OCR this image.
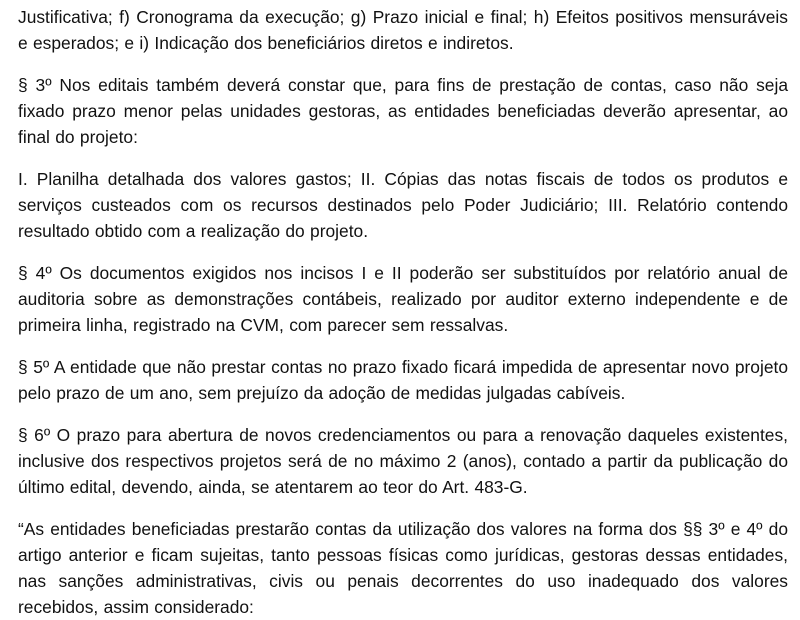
Justificativa; f) Cronograma da execução; g) Prazo inicial e final; h) Efeitos positivos mensuráveis e esperados; e i) Indicação dos beneficiários diretos e indiretos.

§ 3º Nos editais também deverá constar que, para fins de prestação de contas, caso não seja fixado prazo menor pelas unidades gestoras, as entidades beneficiadas deverão apresentar, ao final do projeto:

I. Planilha detalhada dos valores gastos; II. Cópias das notas fiscais de todos os produtos e serviços custeados com os recursos destinados pelo Poder Judiciário; III. Relatório contendo resultado obtido com a realização do projeto.

§ 4º Os documentos exigidos nos incisos I e II poderão ser substituídos por relatório anual de auditoria sobre as demonstrações contábeis, realizado por auditor externo independente e de primeira linha, registrado na CVM, com parecer sem ressalvas.

§ 5º A entidade que não prestar contas no prazo fixado ficará impedida de apresentar novo projeto pelo prazo de um ano, sem prejuízo da adoção de medidas julgadas cabíveis.

§ 6º O prazo para abertura de novos credenciamentos ou para a renovação daqueles existentes, inclusive dos respectivos projetos será de no máximo 2 (anos), contado a partir da publicação do último edital, devendo, ainda, se atentarem ao teor do Art. 483-G.

“As entidades beneficiadas prestarão contas da utilização dos valores na forma dos §§ 3º e 4º do artigo anterior e ficam sujeitas, tanto pessoas físicas como jurídicas, gestoras dessas entidades, nas sanções administrativas, civis ou penais decorrentes do uso inadequado dos valores recebidos, assim considerado:
